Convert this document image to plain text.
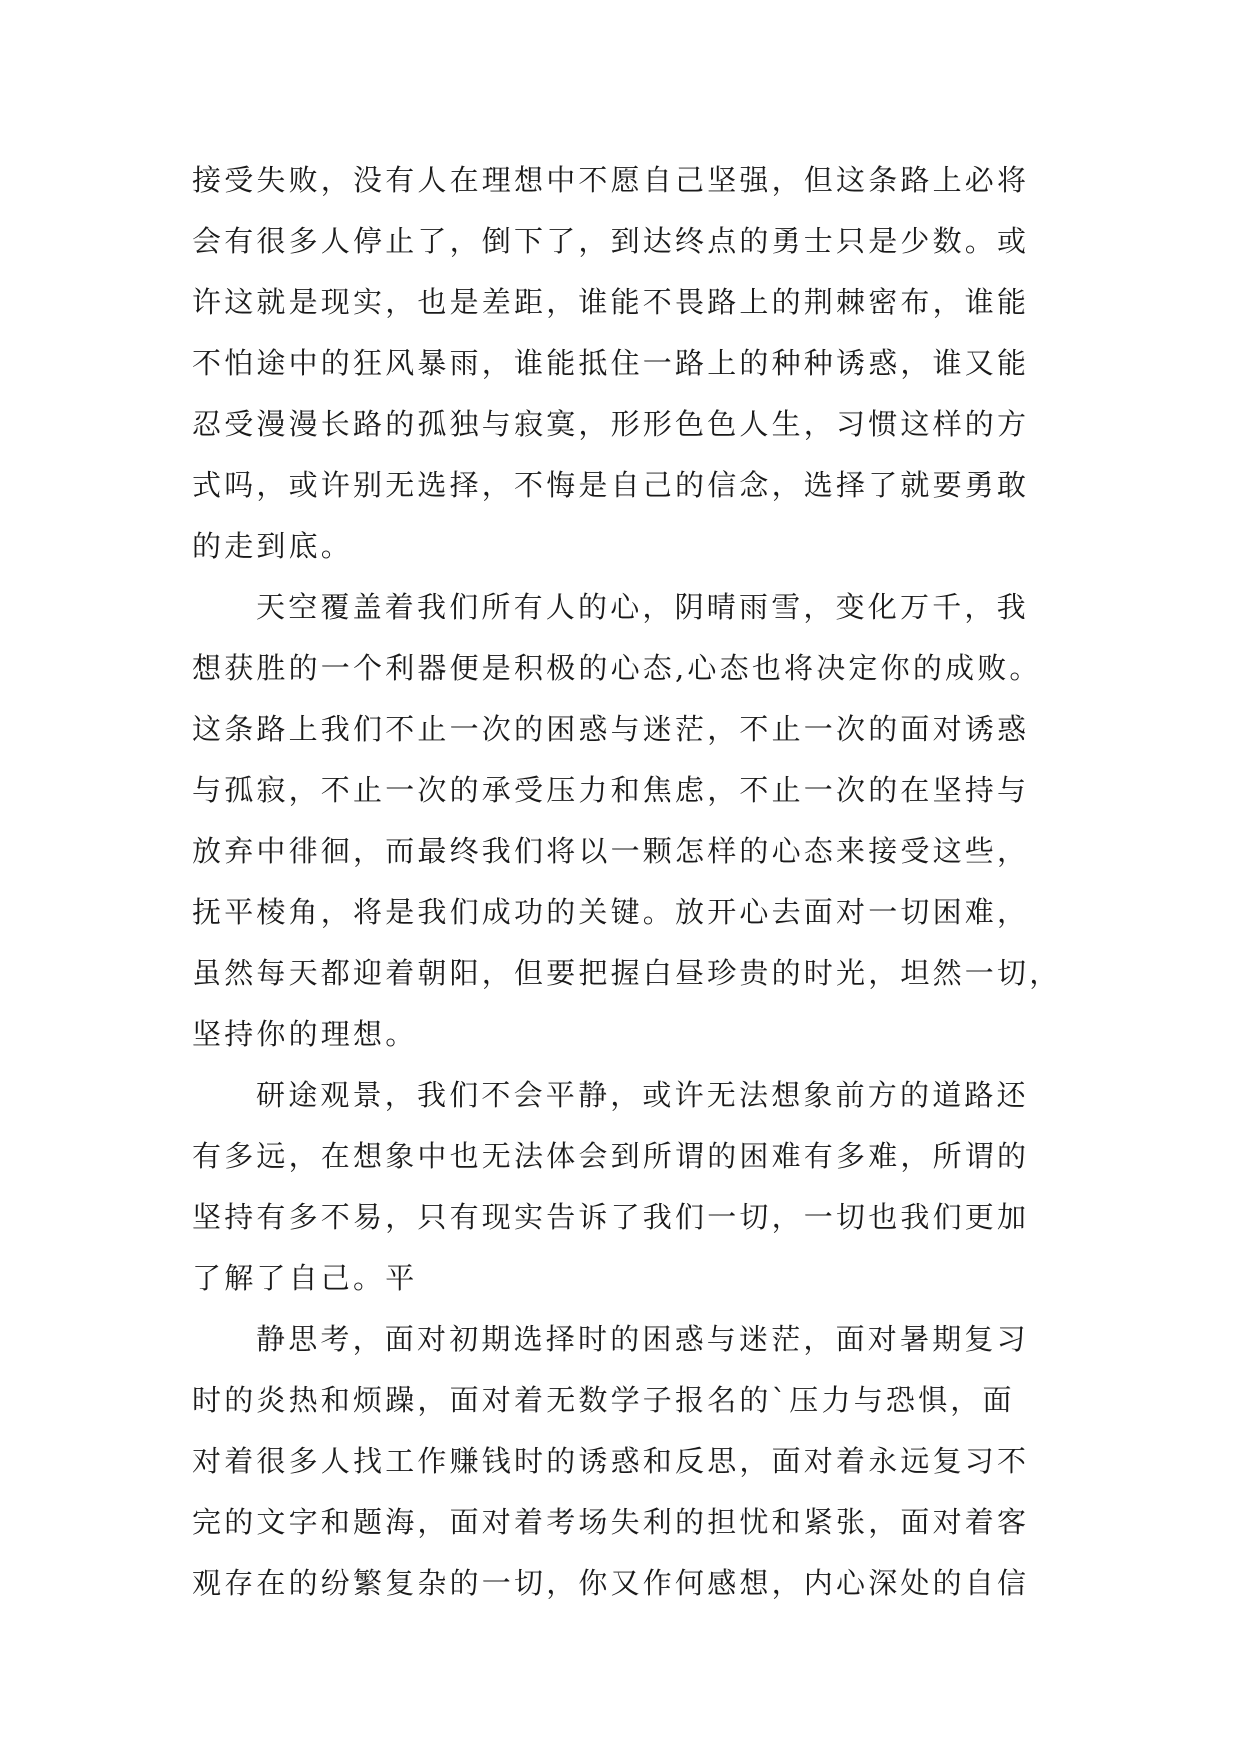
接受失败，没有人在理想中不愿自己坚强，但这条路上必将
会有很多人停止了，倒下了，到达终点的勇士只是少数。或
许这就是现实，也是差距，谁能不畏路上的荆棘密布，谁能
不怕途中的狂风暴雨，谁能抵住一路上的种种诱惑，谁又能
忍受漫漫长路的孤独与寂寞，形形色色人生，习惯这样的方
式吗，或许别无选择，不悔是自己的信念，选择了就要勇敢
的走到底。
天空覆盖着我们所有人的心，阴晴雨雪，变化万千，我
想获胜的一个利器便是积极的心态,心态也将决定你的成败。
这条路上我们不止一次的困惑与迷茫，不止一次的面对诱惑
与孤寂，不止一次的承受压力和焦虑，不止一次的在坚持与
放弃中徘徊，而最终我们将以一颗怎样的心态来接受这些，
抚平棱角，将是我们成功的关键。放开心去面对一切困难，
虽然每天都迎着朝阳，但要把握白昼珍贵的时光，坦然一切，
坚持你的理想。
研途观景，我们不会平静，或许无法想象前方的道路还
有多远，在想象中也无法体会到所谓的困难有多难，所谓的
坚持有多不易，只有现实告诉了我们一切，一切也我们更加
了解了自己。平
静思考，面对初期选择时的困惑与迷茫，面对暑期复习
时的炎热和烦躁，面对着无数学子报名的`压力与恐惧，面
对着很多人找工作赚钱时的诱惑和反思，面对着永远复习不
完的文字和题海，面对着考场失利的担忧和紧张，面对着客
观存在的纷繁复杂的一切，你又作何感想，内心深处的自信
